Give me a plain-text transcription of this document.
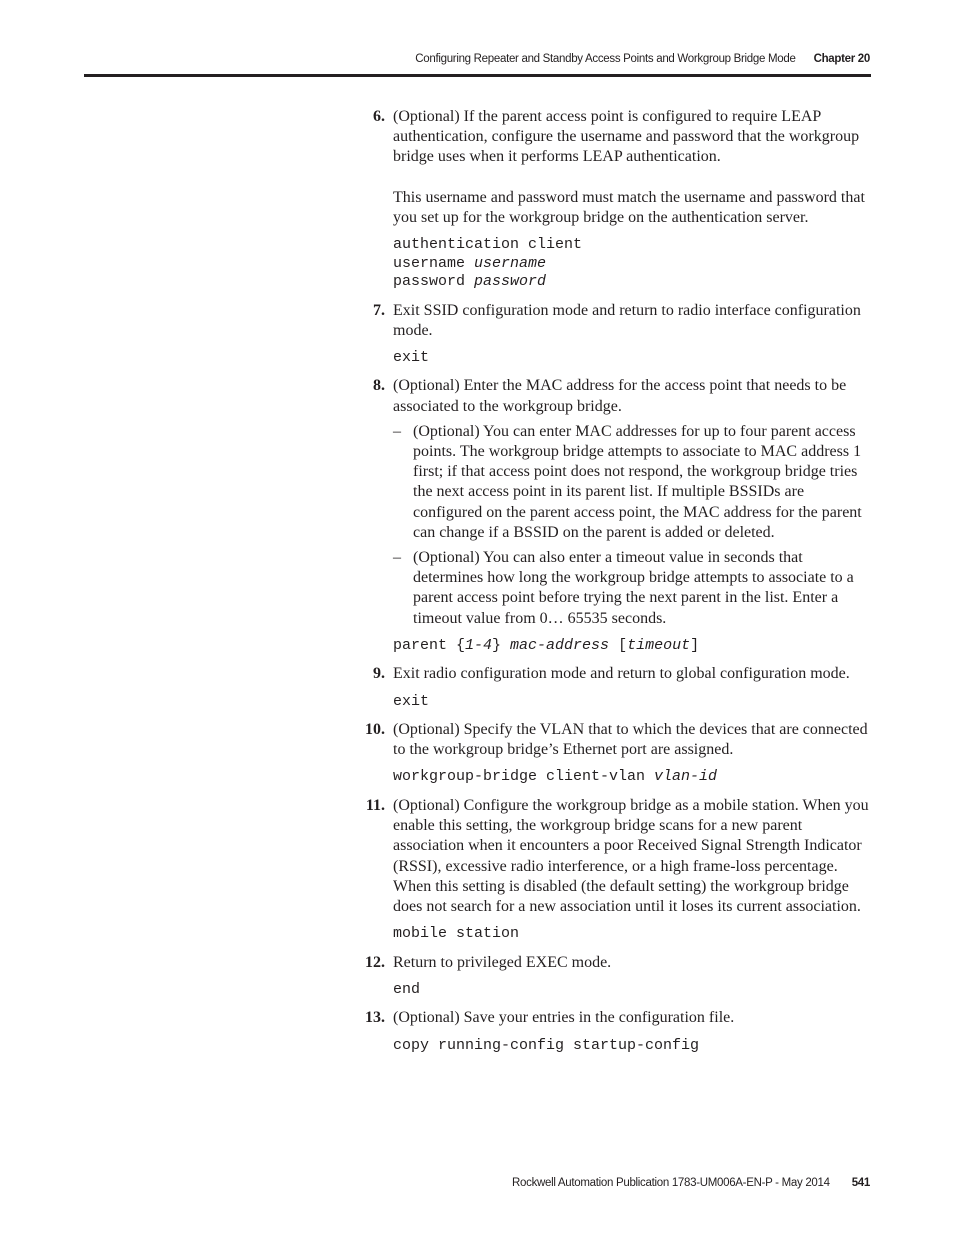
Configuring Repeater and Standby Access Points and Workgroup Bridge Mode Chapter 20
6. (Optional) If the parent access point is configured to require LEAP authentication, configure the username and password that the workgroup bridge uses when it performs LEAP authentication.

This username and password must match the username and password that you set up for the workgroup bridge on the authentication server.

authentication client
username username
password password
7. Exit SSID configuration mode and return to radio interface configuration mode.

exit
8. (Optional) Enter the MAC address for the access point that needs to be associated to the workgroup bridge.

– (Optional) You can enter MAC addresses for up to four parent access points. The workgroup bridge attempts to associate to MAC address 1 first; if that access point does not respond, the workgroup bridge tries the next access point in its parent list. If multiple BSSIDs are configured on the parent access point, the MAC address for the parent can change if a BSSID on the parent is added or deleted.
– (Optional) You can also enter a timeout value in seconds that determines how long the workgroup bridge attempts to associate to a parent access point before trying the next parent in the list. Enter a timeout value from 0… 65535 seconds.
parent {1-4} mac-address [timeout]
9. Exit radio configuration mode and return to global configuration mode.

exit
10. (Optional) Specify the VLAN that to which the devices that are connected to the workgroup bridge’s Ethernet port are assigned.

workgroup-bridge client-vlan vlan-id
11. (Optional) Configure the workgroup bridge as a mobile station. When you enable this setting, the workgroup bridge scans for a new parent association when it encounters a poor Received Signal Strength Indicator (RSSI), excessive radio interference, or a high frame-loss percentage. When this setting is disabled (the default setting) the workgroup bridge does not search for a new association until it loses its current association.

mobile station
12. Return to privileged EXEC mode.

end
13. (Optional) Save your entries in the configuration file.

copy running-config startup-config
Rockwell Automation Publication 1783-UM006A-EN-P - May 2014 541
